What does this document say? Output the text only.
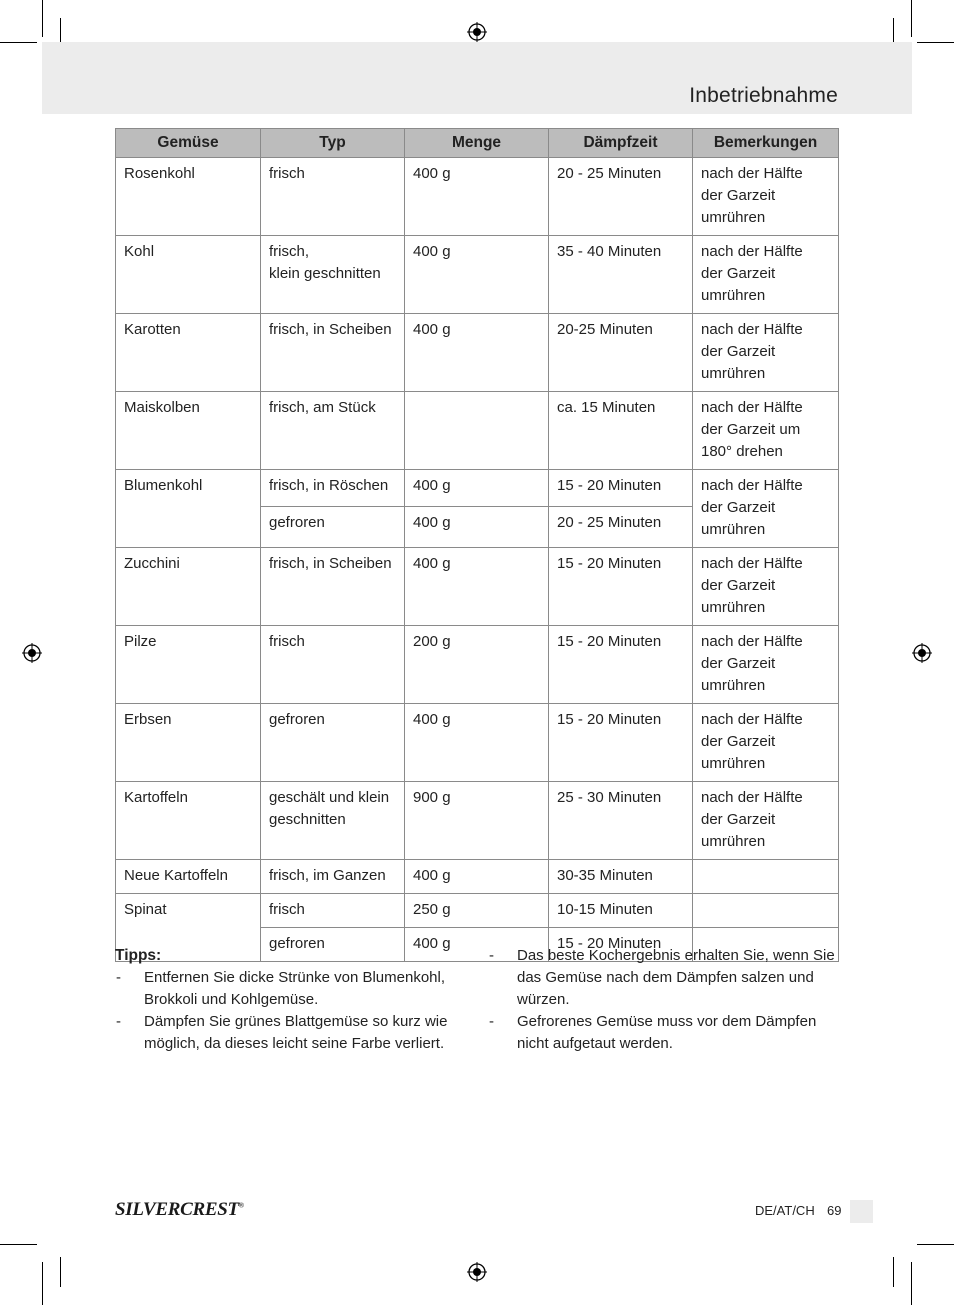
Inbetriebnahme
Gemüse	Typ	Menge	Dämpfzeit	Bemerkungen
Rosenkohl	frisch	400 g	20 - 25 Minuten	nach der Hälfte
der Garzeit
umrühren
Kohl	frisch,
klein geschnitten	400 g	35 - 40 Minuten	nach der Hälfte
der Garzeit
umrühren
Karotten	frisch, in Scheiben	400 g	20-25 Minuten	nach der Hälfte
der Garzeit
umrühren
Maiskolben	frisch, am Stück		ca. 15 Minuten	nach der Hälfte
der Garzeit um
180° drehen
Blumenkohl	frisch, in Röschen	400 g	15 - 20 Minuten	nach der Hälfte
der Garzeit
umrühren
	gefroren	400 g	20 - 25 Minuten	
Zucchini	frisch, in Scheiben	400 g	15 - 20 Minuten	nach der Hälfte
der Garzeit
umrühren
Pilze	frisch	200 g	15 - 20 Minuten	nach der Hälfte
der Garzeit
umrühren
Erbsen	gefroren	400 g	15 - 20 Minuten	nach der Hälfte
der Garzeit
umrühren
Kartoffeln	geschält und klein
geschnitten	900 g	25 - 30 Minuten	nach der Hälfte
der Garzeit
umrühren
Neue Kartoffeln	frisch, im Ganzen	400 g	30-35 Minuten	
Spinat	frisch	250 g	10-15 Minuten	
	gefroren	400 g	15 - 20 Minuten	
Tipps:
- Entfernen Sie dicke Strünke von Blumenkohl, Brokkoli und Kohlgemüse.
- Dämpfen Sie grünes Blattgemüse so kurz wie möglich, da dieses leicht seine Farbe verliert.
- Das beste Kochergebnis erhalten Sie, wenn Sie das Gemüse nach dem Dämpfen salzen und würzen.
- Gefrorenes Gemüse muss vor dem Dämpfen nicht aufgetaut werden.
SILVERCREST®	DE/AT/CH 69
